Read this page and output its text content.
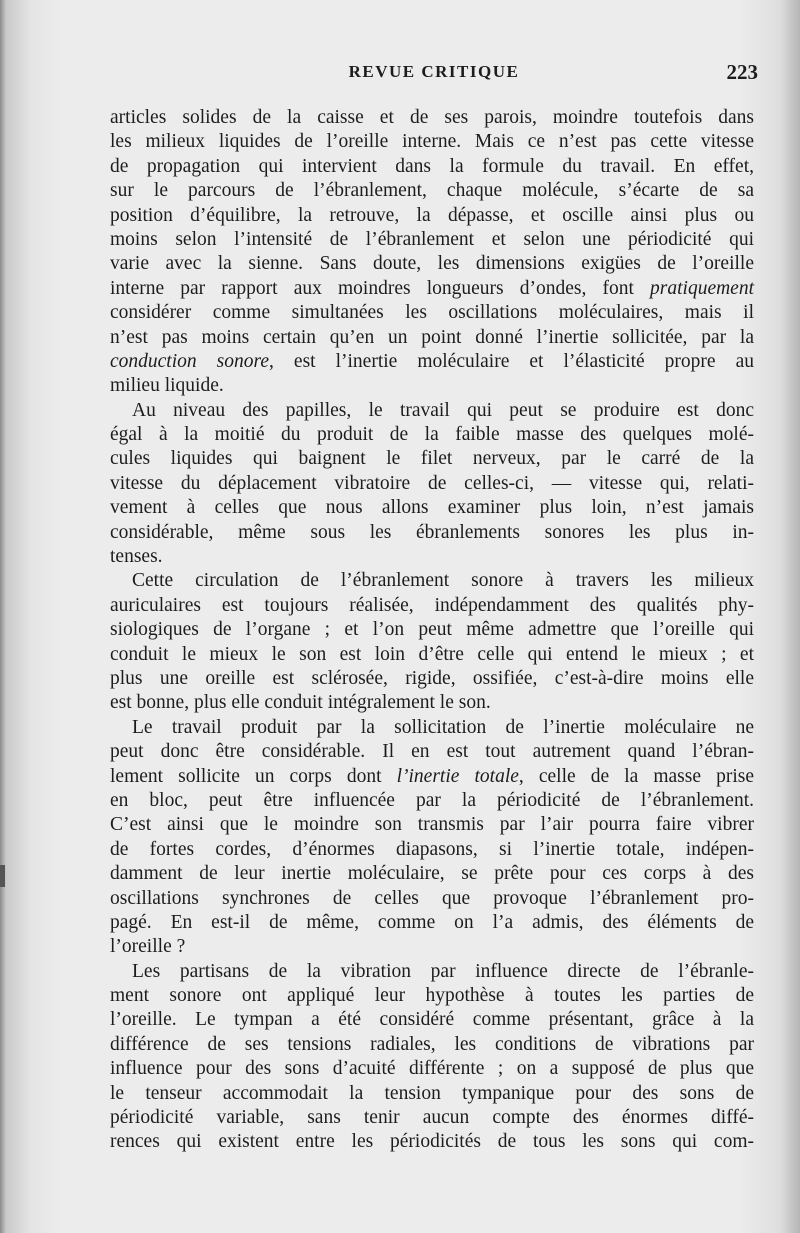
REVUE CRITIQUE	223
articles solides de la caisse et de ses parois, moindre toutefois dans
les milieux liquides de l’oreille interne. Mais ce n’est pas cette vitesse
de propagation qui intervient dans la formule du travail. En effet,
sur le parcours de l’ébranlement, chaque molécule, s’écarte de sa
position d’équilibre, la retrouve, la dépasse, et oscille ainsi plus ou
moins selon l’intensité de l’ébranlement et selon une périodicité qui
varie avec la sienne. Sans doute, les dimensions exigües de l’oreille
interne par rapport aux moindres longueurs d’ondes, font pratiquement
considérer comme simultanées les oscillations moléculaires, mais il
n’est pas moins certain qu’en un point donné l’inertie sollicitée, par la
conduction sonore, est l’inertie moléculaire et l’élasticité propre au
milieu liquide.
Au niveau des papilles, le travail qui peut se produire est donc
égal à la moitié du produit de la faible masse des quelques molé-
cules liquides qui baignent le filet nerveux, par le carré de la
vitesse du déplacement vibratoire de celles-ci, — vitesse qui, relati-
vement à celles que nous allons examiner plus loin, n’est jamais
considérable, même sous les ébranlements sonores les plus in-
tenses.
Cette circulation de l’ébranlement sonore à travers les milieux
auriculaires est toujours réalisée, indépendamment des qualités phy-
siologiques de l’organe ; et l’on peut même admettre que l’oreille qui
conduit le mieux le son est loin d’être celle qui entend le mieux ; et
plus une oreille est sclérosée, rigide, ossifiée, c’est-à-dire moins elle
est bonne, plus elle conduit intégralement le son.
Le travail produit par la sollicitation de l’inertie moléculaire ne
peut donc être considérable. Il en est tout autrement quand l’ébran-
lement sollicite un corps dont l’inertie totale, celle de la masse prise
en bloc, peut être influencée par la périodicité de l’ébranlement.
C’est ainsi que le moindre son transmis par l’air pourra faire vibrer
de fortes cordes, d’énormes diapasons, si l’inertie totale, indépen-
damment de leur inertie moléculaire, se prête pour ces corps à des
oscillations synchrones de celles que provoque l’ébranlement pro-
pagé. En est-il de même, comme on l’a admis, des éléments de
l’oreille ?
Les partisans de la vibration par influence directe de l’ébranle-
ment sonore ont appliqué leur hypothèse à toutes les parties de
l’oreille. Le tympan a été considéré comme présentant, grâce à la
différence de ses tensions radiales, les conditions de vibrations par
influence pour des sons d’acuité différente ; on a supposé de plus que
le tenseur accommodait la tension tympanique pour des sons de
périodicité variable, sans tenir aucun compte des énormes diffé-
rences qui existent entre les périodicités de tous les sons qui com-
